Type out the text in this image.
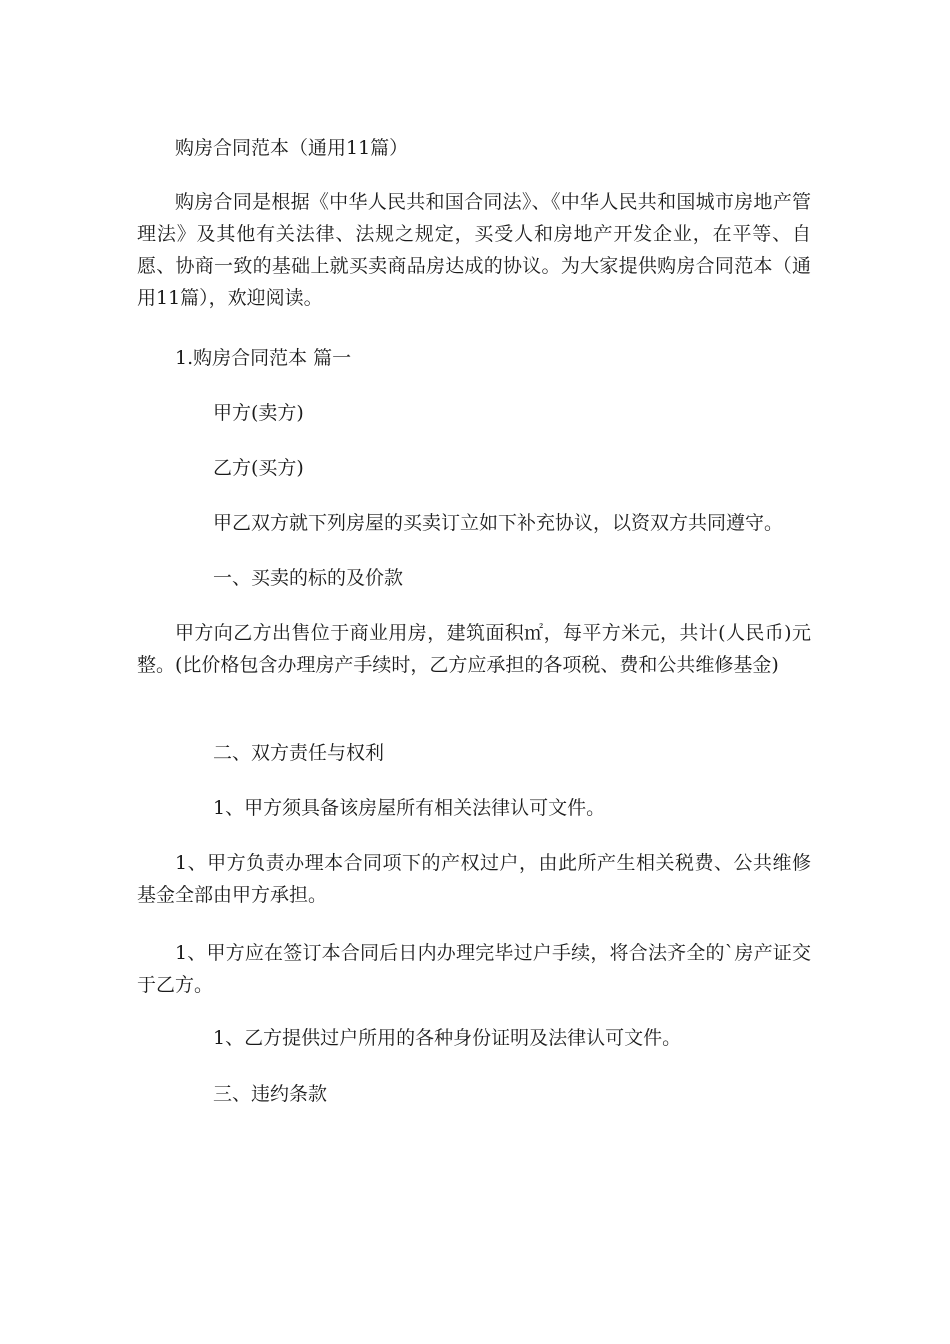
购房合同范本（通用11篇）
购房合同是根据《中华人民共和国合同法》、《中华人民共和国城市房地产管理法》及其他有关法律、法规之规定，买受人和房地产开发企业，在平等、自愿、协商一致的基础上就买卖商品房达成的协议。为大家提供购房合同范本（通用11篇），欢迎阅读。
1.购房合同范本 篇一
甲方(卖方)
乙方(买方)
甲乙双方就下列房屋的买卖订立如下补充协议，以资双方共同遵守。
一、买卖的标的及价款
甲方向乙方出售位于商业用房，建筑面积㎡，每平方米元，共计(人民币)元整。(比价格包含办理房产手续时，乙方应承担的各项税、费和公共维修基金)
二、双方责任与权利
1、甲方须具备该房屋所有相关法律认可文件。
1、甲方负责办理本合同项下的产权过户，由此所产生相关税费、公共维修基金全部由甲方承担。
1、甲方应在签订本合同后日内办理完毕过户手续，将合法齐全的`房产证交于乙方。
1、乙方提供过户所用的各种身份证明及法律认可文件。
三、违约条款
